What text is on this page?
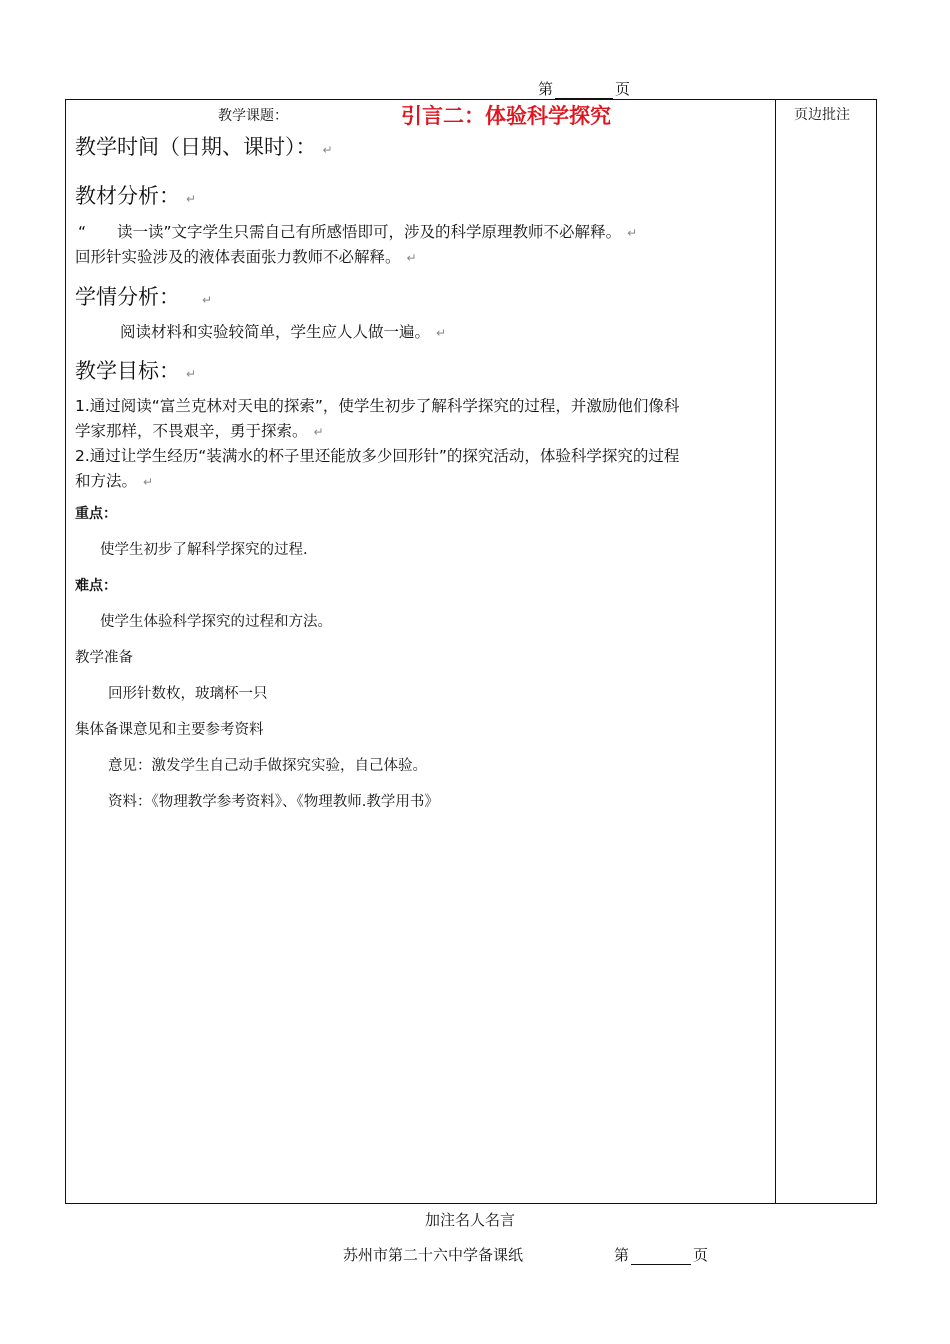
第	页
页边批注
教学课题：	引言二：体验科学探究
教学时间（日期、课时）： ↵
教材分析： ↵
“　　读一读”文字学生只需自己有所感悟即可，涉及的科学原理教师不必解释。 ↵
回形针实验涉及的液体表面张力教师不必解释。 ↵
学情分析： ↵
阅读材料和实验较简单，学生应人人做一遍。 ↵
教学目标： ↵
1.通过阅读“富兰克林对天电的探索”，使学生初步了解科学探究的过程，并激励他们像科
学家那样，不畏艰辛，勇于探索。 ↵
2.通过让学生经历“装满水的杯子里还能放多少回形针”的探究活动，体验科学探究的过程
和方法。 ↵
重点：
使学生初步了解科学探究的过程.
难点：
使学生体验科学探究的过程和方法。
教学准备
回形针数枚，玻璃杯一只
集体备课意见和主要参考资料
意见：激发学生自己动手做探究实验，自己体验。
资料：《物理教学参考资料》、《物理教师.教学用书》
加注名人名言
苏州市第二十六中学备课纸	第	页
